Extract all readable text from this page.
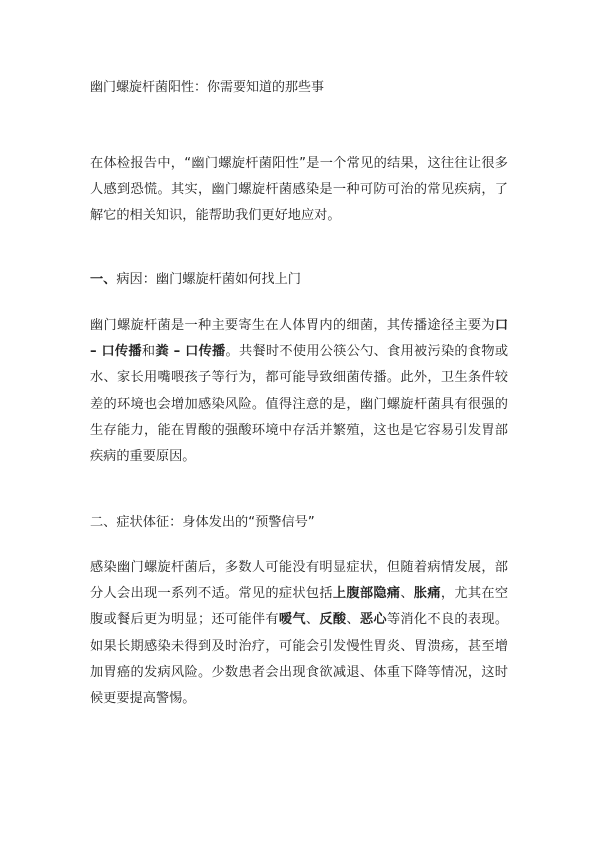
幽门螺旋杆菌阳性：你需要知道的那些事

在体检报告中，“幽门螺旋杆菌阳性”是一个常见的结果，这往往让很多人感到恐慌。其实，幽门螺旋杆菌感染是一种可防可治的常见疾病，了解它的相关知识，能帮助我们更好地应对。

一、病因：幽门螺旋杆菌如何找上门

幽门螺旋杆菌是一种主要寄生在人体胃内的细菌，其传播途径主要为口 – 口传播和粪 – 口传播。共餐时不使用公筷公勺、食用被污染的食物或水、家长用嘴喂孩子等行为，都可能导致细菌传播。此外，卫生条件较差的环境也会增加感染风险。值得注意的是，幽门螺旋杆菌具有很强的生存能力，能在胃酸的强酸环境中存活并繁殖，这也是它容易引发胃部疾病的重要原因。

二、症状体征：身体发出的“预警信号”

感染幽门螺旋杆菌后，多数人可能没有明显症状，但随着病情发展，部分人会出现一系列不适。常见的症状包括上腹部隐痛、胀痛，尤其在空腹或餐后更为明显；还可能伴有嗳气、反酸、恶心等消化不良的表现。如果长期感染未得到及时治疗，可能会引发慢性胃炎、胃溃疡，甚至增加胃癌的发病风险。少数患者会出现食欲减退、体重下降等情况，这时候更要提高警惕。
